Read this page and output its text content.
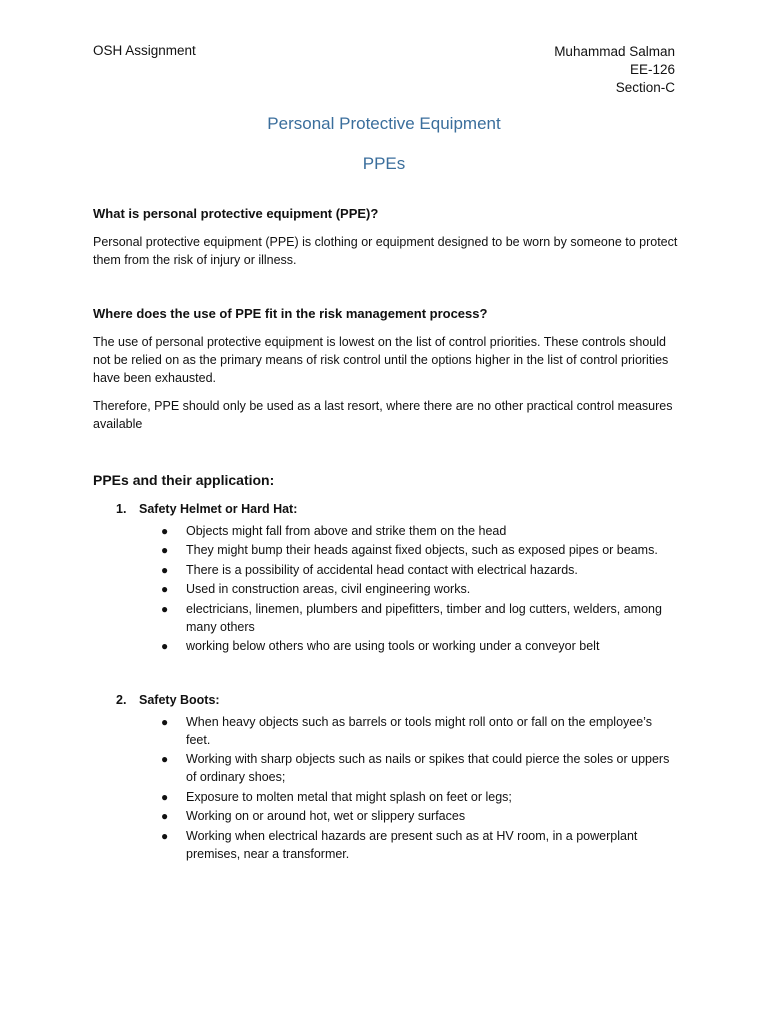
OSH Assignment	Muhammad Salman
EE-126
Section-C
Personal Protective Equipment
PPEs

What is personal protective equipment (PPE)?

Personal protective equipment (PPE) is clothing or equipment designed to be worn by someone to protect them from the risk of injury or illness.

Where does the use of PPE fit in the risk management process?

The use of personal protective equipment is lowest on the list of control priorities. These controls should not be relied on as the primary means of risk control until the options higher in the list of control priorities have been exhausted.

Therefore, PPE should only be used as a last resort, where there are no other practical control measures available

PPEs and their application:

1. Safety Helmet or Hard Hat:
● Objects might fall from above and strike them on the head
● They might bump their heads against fixed objects, such as exposed pipes or beams.
● There is a possibility of accidental head contact with electrical hazards.
● Used in construction areas, civil engineering works.
● electricians, linemen, plumbers and pipefitters, timber and log cutters, welders, among many others
● working below others who are using tools or working under a conveyor belt
2. Safety Boots:
● When heavy objects such as barrels or tools might roll onto or fall on the employee’s feet.
● Working with sharp objects such as nails or spikes that could pierce the soles or uppers of ordinary shoes;
● Exposure to molten metal that might splash on feet or legs;
● Working on or around hot, wet or slippery surfaces
● Working when electrical hazards are present such as at HV room, in a powerplant premises, near a transformer.
